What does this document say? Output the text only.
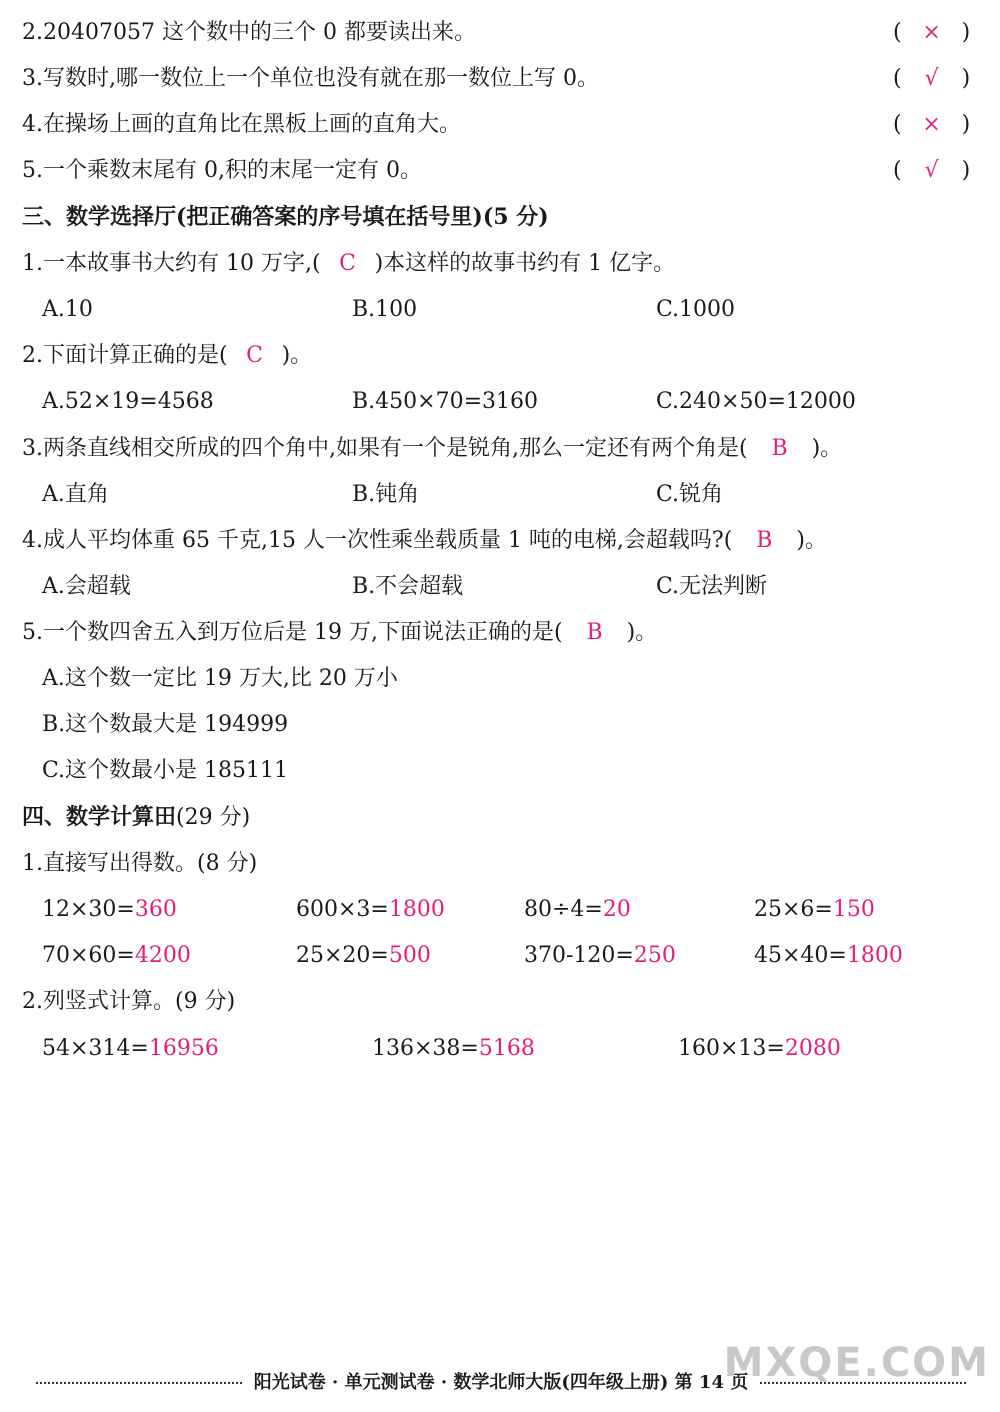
2.20407057 这个数中的三个 0 都要读出来。	( × )
3.写数时,哪一数位上一个单位也没有就在那一数位上写 0。	( √ )
4.在操场上画的直角比在黑板上画的直角大。	( × )
5.一个乘数末尾有 0,积的末尾一定有 0。	( √ )
三、数学选择厅(把正确答案的序号填在括号里)(5 分)
1.一本故事书大约有 10 万字,( C )本这样的故事书约有 1 亿字。
A.10	B.100	C.1000
2.下面计算正确的是( C )。
A.52×19=4568	B.450×70=3160	C.240×50=12000
3.两条直线相交所成的四个角中,如果有一个是锐角,那么一定还有两个角是( B )。
A.直角	B.钝角	C.锐角
4.成人平均体重 65 千克,15 人一次性乘坐载质量 1 吨的电梯,会超载吗?( B )。
A.会超载	B.不会超载	C.无法判断
5.一个数四舍五入到万位后是 19 万,下面说法正确的是( B )。
A.这个数一定比 19 万大,比 20 万小
B.这个数最大是 194999
C.这个数最小是 185111
四、数学计算田(29 分)
1.直接写出得数。(8 分)
12×30=360	600×3=1800	80÷4=20	25×6=150
70×60=4200	25×20=500	370-120=250	45×40=1800
2.列竖式计算。(9 分)
54×314=16956	136×38=5168	160×13=2080
阳光试卷 · 单元测试卷 · 数学北师大版(四年级上册) 第 14 页
MXQE.COM
